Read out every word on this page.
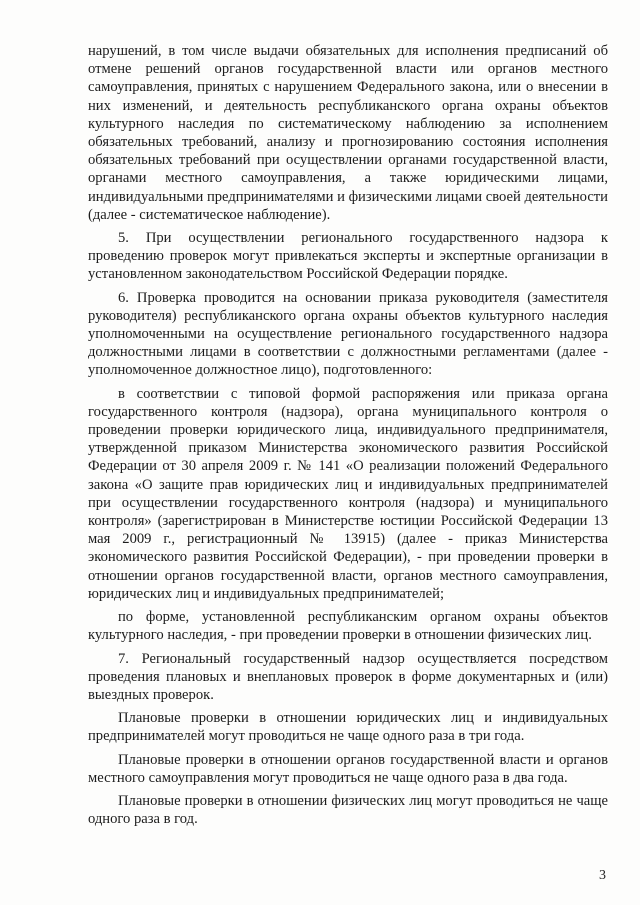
нарушений, в том числе выдачи обязательных для исполнения предписаний об отмене решений органов государственной власти или органов местного самоуправления, принятых с нарушением Федерального закона, или о внесении в них изменений, и деятельность республиканского органа охраны объектов культурного наследия по систематическому наблюдению за исполнением обязательных требований, анализу и прогнозированию состояния исполнения обязательных требований при осуществлении органами государственной власти, органами местного самоуправления, а также юридическими лицами, индивидуальными предпринимателями и физическими лицами своей деятельности (далее - систематическое наблюдение).

5. При осуществлении регионального государственного надзора к проведению проверок могут привлекаться эксперты и экспертные организации в установленном законодательством Российской Федерации порядке.

6. Проверка проводится на основании приказа руководителя (заместителя руководителя) республиканского органа охраны объектов культурного наследия уполномоченными на осуществление регионального государственного надзора должностными лицами в соответствии с должностными регламентами (далее - уполномоченное должностное лицо), подготовленного:

в соответствии с типовой формой распоряжения или приказа органа государственного контроля (надзора), органа муниципального контроля о проведении проверки юридического лица, индивидуального предпринимателя, утвержденной приказом Министерства экономического развития Российской Федерации от 30 апреля 2009 г. № 141 «О реализации положений Федерального закона «О защите прав юридических лиц и индивидуальных предпринимателей при осуществлении государственного контроля (надзора) и муниципального контроля» (зарегистрирован в Министерстве юстиции Российской Федерации 13 мая 2009 г., регистрационный № 13915) (далее - приказ Министерства экономического развития Российской Федерации), - при проведении проверки в отношении органов государственной власти, органов местного самоуправления, юридических лиц и индивидуальных предпринимателей;

по форме, установленной республиканским органом охраны объектов культурного наследия, - при проведении проверки в отношении физических лиц.

7. Региональный государственный надзор осуществляется посредством проведения плановых и внеплановых проверок в форме документарных и (или) выездных проверок.

Плановые проверки в отношении юридических лиц и индивидуальных предпринимателей могут проводиться не чаще одного раза в три года.

Плановые проверки в отношении органов государственной власти и органов местного самоуправления могут проводиться не чаще одного раза в два года.

Плановые проверки в отношении физических лиц могут проводиться не чаще одного раза в год.

3
